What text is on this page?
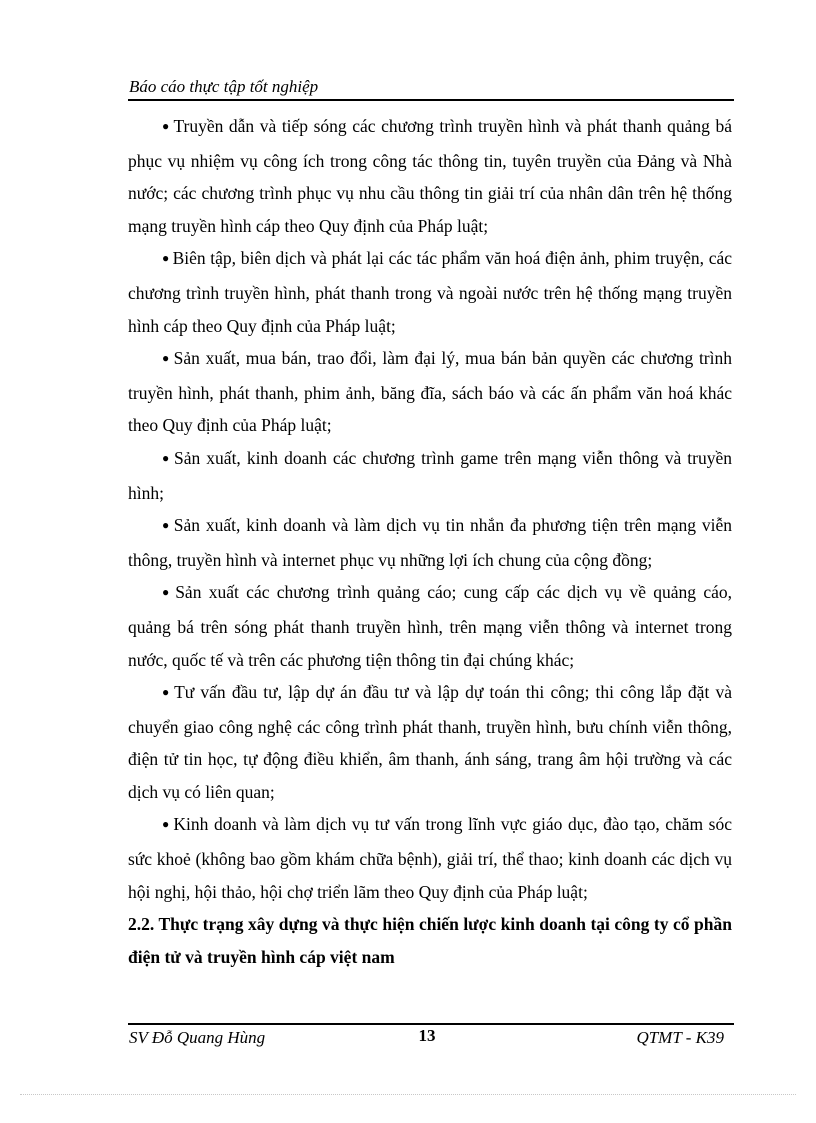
Báo cáo thực tập tốt nghiệp

● Truyền dẫn và tiếp sóng các chương trình truyền hình và phát thanh quảng bá phục vụ nhiệm vụ công ích trong công tác thông tin, tuyên truyền của Đảng và Nhà nước; các chương trình phục vụ nhu cầu thông tin giải trí của nhân dân trên hệ thống mạng truyền hình cáp theo Quy định của Pháp luật;

● Biên tập, biên dịch và phát lại các tác phẩm văn hoá điện ảnh, phim truyện, các chương trình truyền hình, phát thanh trong và ngoài nước trên hệ thống mạng truyền hình cáp theo Quy định của Pháp luật;

● Sản xuất, mua bán, trao đổi, làm đại lý, mua bán bản quyền các chương trình truyền hình, phát thanh, phim ảnh, băng đĩa, sách báo và các ấn phẩm văn hoá khác theo Quy định của Pháp luật;

● Sản xuất, kinh doanh các chương trình game trên mạng viễn thông và truyền hình;

● Sản xuất, kinh doanh và làm dịch vụ tin nhắn đa phương tiện trên mạng viễn thông, truyền hình và internet phục vụ những lợi ích chung của cộng đồng;

● Sản xuất các chương trình quảng cáo; cung cấp các dịch vụ về quảng cáo, quảng bá trên sóng phát thanh truyền hình, trên mạng viễn thông và internet trong nước, quốc tế và trên các phương tiện thông tin đại chúng khác;

● Tư vấn đầu tư, lập dự án đầu tư và lập dự toán thi công; thi công lắp đặt và chuyển giao công nghệ các công trình phát thanh, truyền hình, bưu chính viễn thông, điện tử tin học, tự động điều khiển, âm thanh, ánh sáng, trang âm hội trường và các dịch vụ có liên quan;

● Kinh doanh và làm dịch vụ tư vấn trong lĩnh vực giáo dục, đào tạo, chăm sóc sức khoẻ (không bao gồm khám chữa bệnh), giải trí, thể thao; kinh doanh các dịch vụ hội nghị, hội thảo, hội chợ triển lãm theo Quy định của Pháp luật;

2.2. Thực trạng xây dựng và thực hiện chiến lược kinh doanh tại công ty cổ phần điện tử và truyền hình cáp việt nam

SV Đỗ Quang Hùng	13	QTMT - K39
